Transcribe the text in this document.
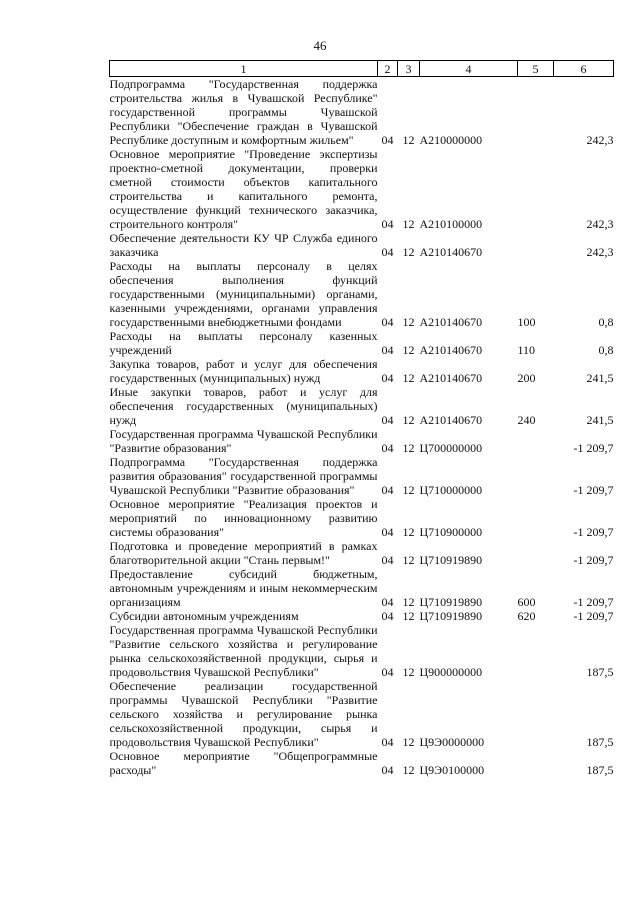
46
1	2	3	4	5	6
Подпрограмма "Государственная поддержка строительства жилья в Чувашской Республике" государственной программы Чувашской Республики "Обеспечение граждан в Чувашской Республике доступным и комфортным жильем"	04	12	А210000000		242,3
Основное мероприятие "Проведение экспертизы проектно-сметной документации, проверки сметной стоимости объектов капитального строительства и капитального ремонта, осуществление функций технического заказчика, строительного контроля"	04	12	А210100000		242,3
Обеспечение деятельности КУ ЧР Служба единого заказчика	04	12	А210140670		242,3
Расходы на выплаты персоналу в целях обеспечения выполнения функций государственными (муниципальными) органами, казенными учреждениями, органами управления государственными внебюджетными фондами	04	12	А210140670	100	0,8
Расходы на выплаты персоналу казенных учреждений	04	12	А210140670	110	0,8
Закупка товаров, работ и услуг для обеспечения государственных (муниципальных) нужд	04	12	А210140670	200	241,5
Иные закупки товаров, работ и услуг для обеспечения государственных (муниципальных) нужд	04	12	А210140670	240	241,5
Государственная программа Чувашской Республики "Развитие образования"	04	12	Ц700000000		-1 209,7
Подпрограмма "Государственная поддержка развития образования" государственной программы Чувашской Республики "Развитие образования"	04	12	Ц710000000		-1 209,7
Основное мероприятие "Реализация проектов и мероприятий по инновационному развитию системы образования"	04	12	Ц710900000		-1 209,7
Подготовка и проведение мероприятий в рамках благотворительной акции "Стань первым!"	04	12	Ц710919890		-1 209,7
Предоставление субсидий бюджетным, автономным учреждениям и иным некоммерческим организациям	04	12	Ц710919890	600	-1 209,7
Субсидии автономным учреждениям	04	12	Ц710919890	620	-1 209,7
Государственная программа Чувашской Республики "Развитие сельского хозяйства и регулирование рынка сельскохозяйственной продукции, сырья и продовольствия Чувашской Республики"	04	12	Ц900000000		187,5
Обеспечение реализации государственной программы Чувашской Республики "Развитие сельского хозяйства и регулирование рынка сельскохозяйственной продукции, сырья и продовольствия Чувашской Республики"	04	12	Ц9Э0000000		187,5
Основное мероприятие "Общепрограммные расходы"	04	12	Ц9Э0100000		187,5
